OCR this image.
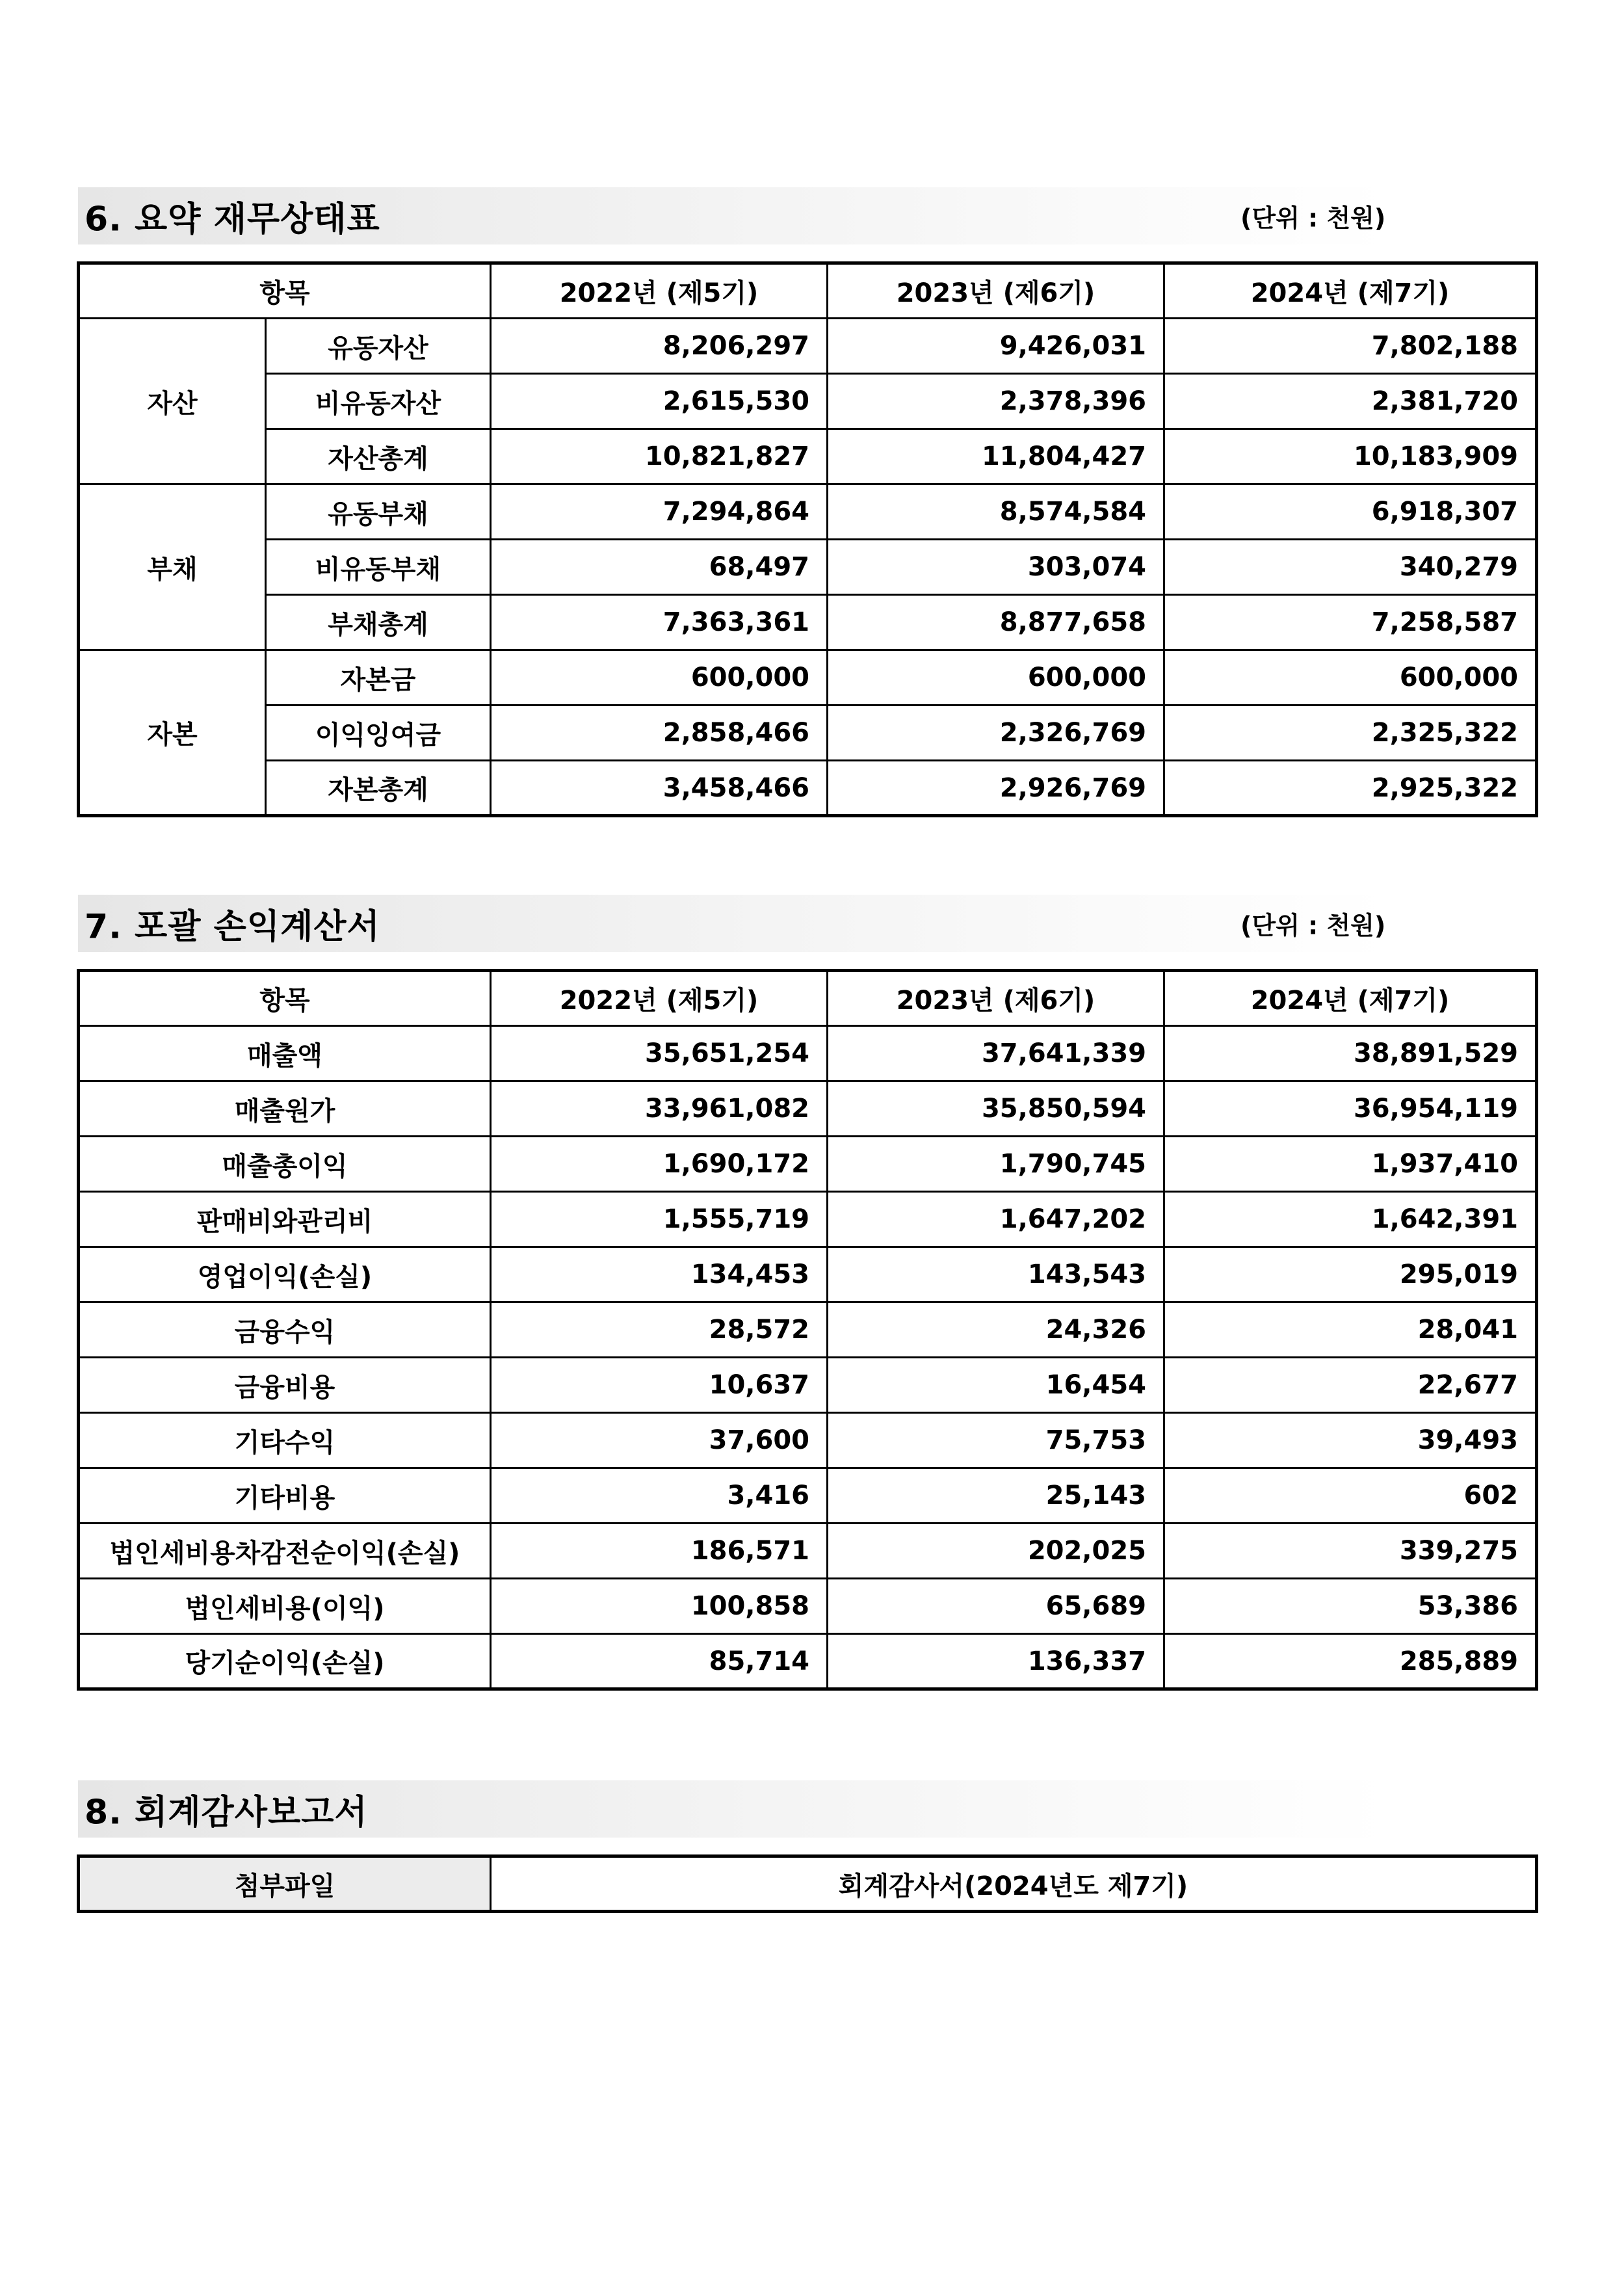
6. 요약 재무상태표	(단위 : 천원)
항목		2022년 (제5기)	2023년 (제6기)	2024년 (제7기)
자산	유동자산	8,206,297	9,426,031	7,802,188
	비유동자산	2,615,530	2,378,396	2,381,720
	자산총계	10,821,827	11,804,427	10,183,909
부채	유동부채	7,294,864	8,574,584	6,918,307
	비유동부채	68,497	303,074	340,279
	부채총계	7,363,361	8,877,658	7,258,587
자본	자본금	600,000	600,000	600,000
	이익잉여금	2,858,466	2,326,769	2,325,322
	자본총계	3,458,466	2,926,769	2,925,322
7. 포괄 손익계산서	(단위 : 천원)
항목	2022년 (제5기)	2023년 (제6기)	2024년 (제7기)
매출액	35,651,254	37,641,339	38,891,529
매출원가	33,961,082	35,850,594	36,954,119
매출총이익	1,690,172	1,790,745	1,937,410
판매비와관리비	1,555,719	1,647,202	1,642,391
영업이익(손실)	134,453	143,543	295,019
금융수익	28,572	24,326	28,041
금융비용	10,637	16,454	22,677
기타수익	37,600	75,753	39,493
기타비용	3,416	25,143	602
법인세비용차감전순이익(손실)	186,571	202,025	339,275
법인세비용(이익)	100,858	65,689	53,386
당기순이익(손실)	85,714	136,337	285,889
8. 회계감사보고서
첨부파일	회계감사서(2024년도 제7기)
